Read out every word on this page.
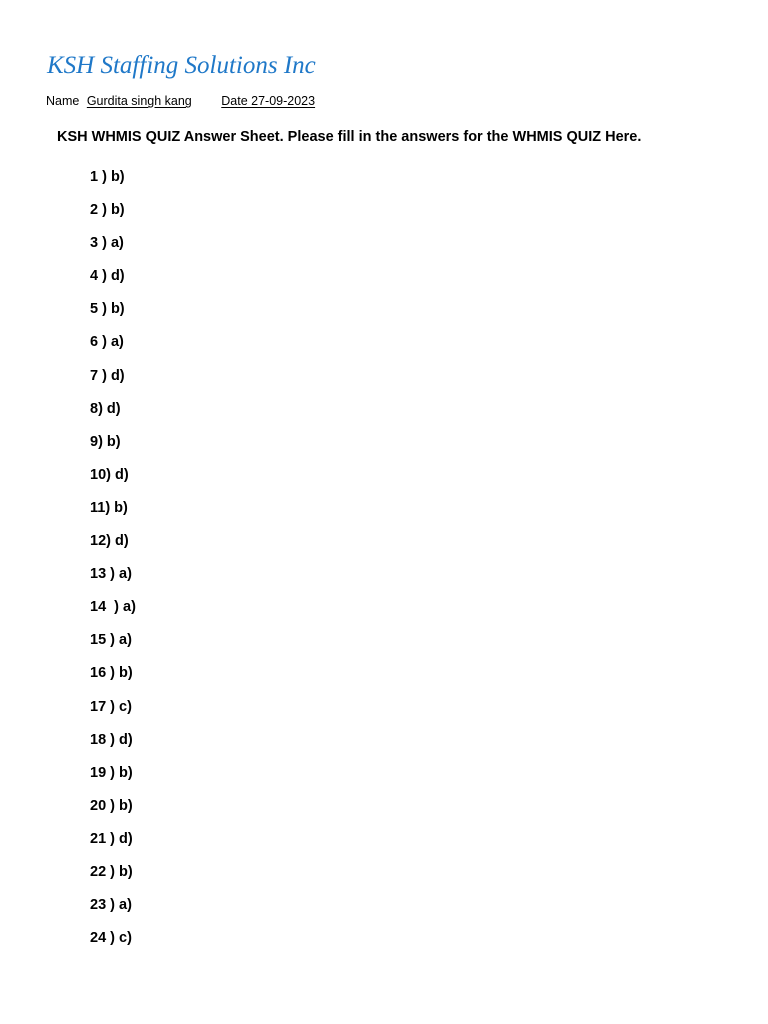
KSH Staffing Solutions Inc
Name Gurdita singh kang Date 27-09-2023
KSH WHMIS QUIZ Answer Sheet. Please fill in the answers for the WHMIS QUIZ Here.
1 ) b)
2 ) b)
3 ) a)
4 ) d)
5 ) b)
6 ) a)
7 ) d)
8) d)
9) b)
10) d)
11) b)
12) d)
13 ) a)
14  ) a)
15 ) a)
16 ) b)
17 ) c)
18 ) d)
19 ) b)
20 ) b)
21 ) d)
22 ) b)
23 ) a)
24 ) c)
